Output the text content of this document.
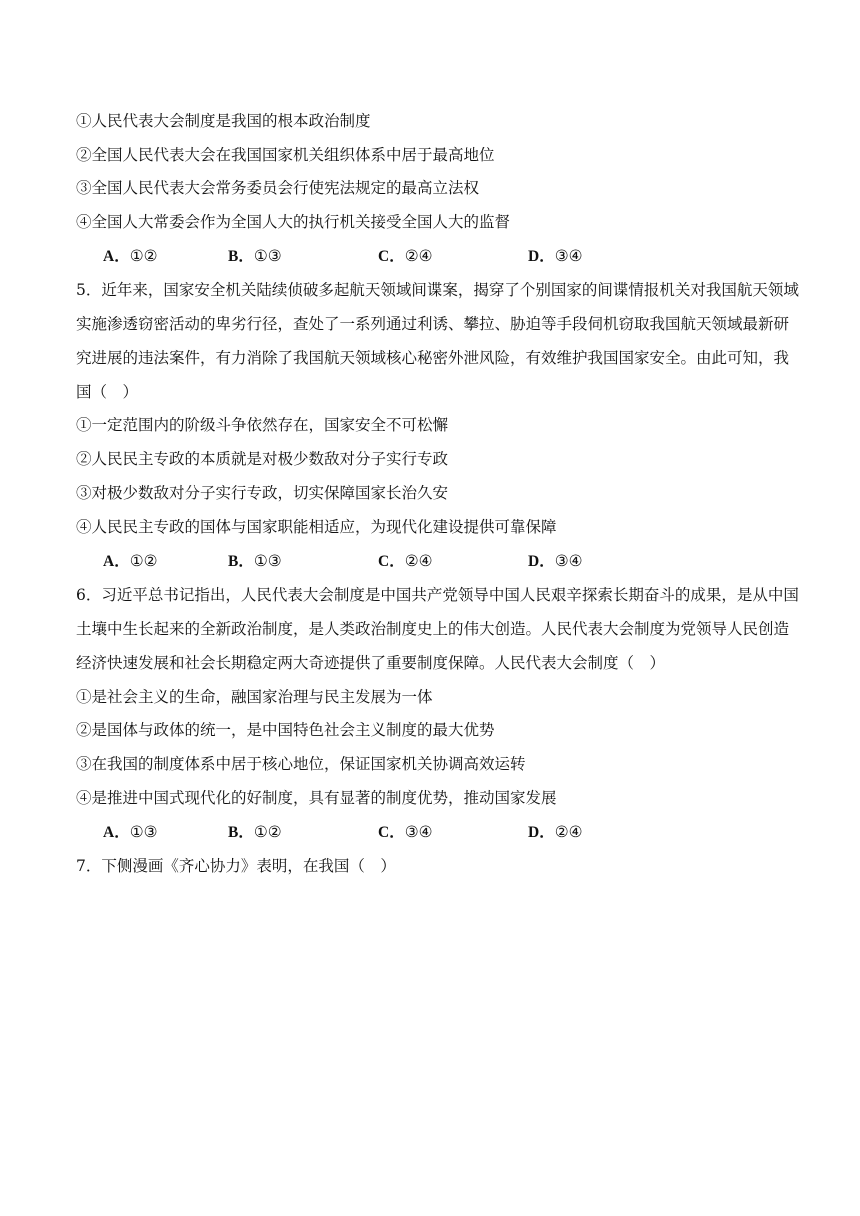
①人民代表大会制度是我国的根本政治制度
②全国人民代表大会在我国国家机关组织体系中居于最高地位
③全国人民代表大会常务委员会行使宪法规定的最高立法权
④全国人大常委会作为全国人大的执行机关接受全国人大的监督
A．①②	B．①③	C．②④	D．③④
5．近年来，国家安全机关陆续侦破多起航天领域间谍案，揭穿了个别国家的间谍情报机关对我国航天领域
实施渗透窃密活动的卑劣行径，查处了一系列通过利诱、攀拉、胁迫等手段伺机窃取我国航天领域最新研
究进展的违法案件，有力消除了我国航天领域核心秘密外泄风险，有效维护我国国家安全。由此可知，我
国（　）
①一定范围内的阶级斗争依然存在，国家安全不可松懈
②人民民主专政的本质就是对极少数敌对分子实行专政
③对极少数敌对分子实行专政，切实保障国家长治久安
④人民民主专政的国体与国家职能相适应，为现代化建设提供可靠保障
A．①②	B．①③	C．②④	D．③④
6．习近平总书记指出，人民代表大会制度是中国共产党领导中国人民艰辛探索长期奋斗的成果，是从中国
土壤中生长起来的全新政治制度，是人类政治制度史上的伟大创造。人民代表大会制度为党领导人民创造
经济快速发展和社会长期稳定两大奇迹提供了重要制度保障。人民代表大会制度（　）
①是社会主义的生命，融国家治理与民主发展为一体
②是国体与政体的统一，是中国特色社会主义制度的最大优势
③在我国的制度体系中居于核心地位，保证国家机关协调高效运转
④是推进中国式现代化的好制度，具有显著的制度优势，推动国家发展
A．①③	B．①②	C．③④	D．②④
7．下侧漫画《齐心协力》表明，在我国（　）
